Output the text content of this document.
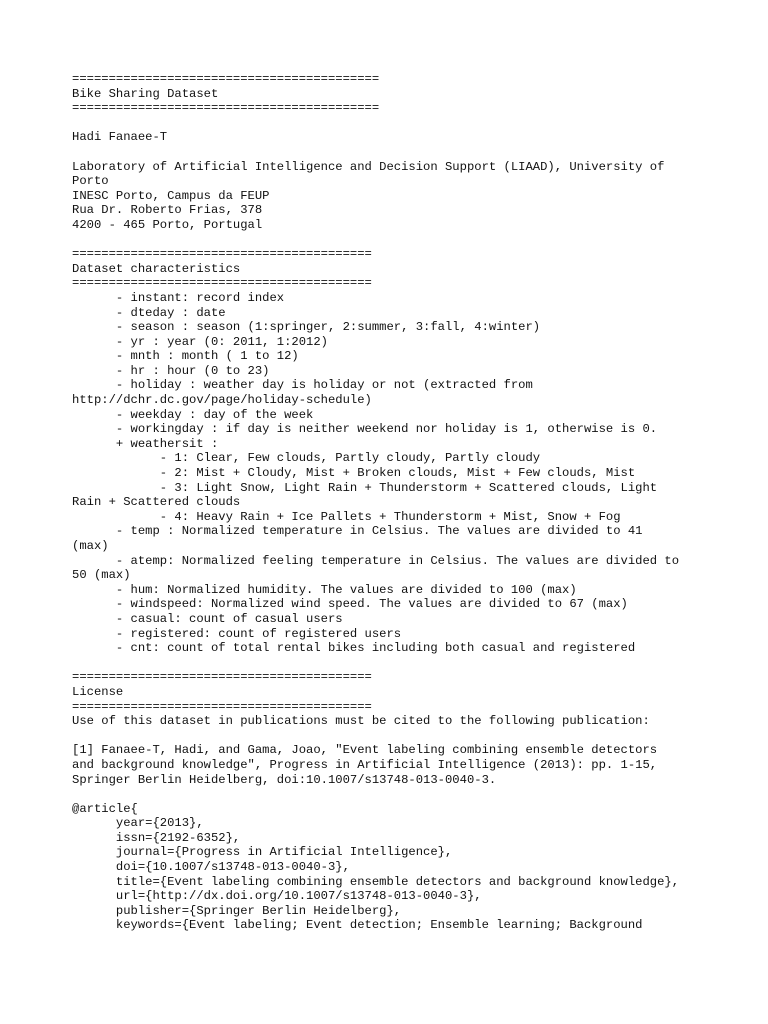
==========================================
Bike Sharing Dataset
==========================================
Hadi Fanaee-T
Laboratory of Artificial Intelligence and Decision Support (LIAAD), University of
Porto
INESC Porto, Campus da FEUP
Rua Dr. Roberto Frias, 378
4200 - 465 Porto, Portugal
=========================================
Dataset characteristics
=========================================
- instant: record index
- dteday : date
- season : season (1:springer, 2:summer, 3:fall, 4:winter)
- yr : year (0: 2011, 1:2012)
- mnth : month ( 1 to 12)
- hr : hour (0 to 23)
- holiday : weather day is holiday or not (extracted from
http://dchr.dc.gov/page/holiday-schedule)
- weekday : day of the week
- workingday : if day is neither weekend nor holiday is 1, otherwise is 0.
+ weathersit :
- 1: Clear, Few clouds, Partly cloudy, Partly cloudy
- 2: Mist + Cloudy, Mist + Broken clouds, Mist + Few clouds, Mist
- 3: Light Snow, Light Rain + Thunderstorm + Scattered clouds, Light
Rain + Scattered clouds
- 4: Heavy Rain + Ice Pallets + Thunderstorm + Mist, Snow + Fog
- temp : Normalized temperature in Celsius. The values are divided to 41
(max)
- atemp: Normalized feeling temperature in Celsius. The values are divided to
50 (max)
- hum: Normalized humidity. The values are divided to 100 (max)
- windspeed: Normalized wind speed. The values are divided to 67 (max)
- casual: count of casual users
- registered: count of registered users
- cnt: count of total rental bikes including both casual and registered
=========================================
License
=========================================
Use of this dataset in publications must be cited to the following publication:
[1] Fanaee-T, Hadi, and Gama, Joao, "Event labeling combining ensemble detectors
and background knowledge", Progress in Artificial Intelligence (2013): pp. 1-15,
Springer Berlin Heidelberg, doi:10.1007/s13748-013-0040-3.
@article{
year={2013},
issn={2192-6352},
journal={Progress in Artificial Intelligence},
doi={10.1007/s13748-013-0040-3},
title={Event labeling combining ensemble detectors and background knowledge},
url={http://dx.doi.org/10.1007/s13748-013-0040-3},
publisher={Springer Berlin Heidelberg},
keywords={Event labeling; Event detection; Ensemble learning; Background
